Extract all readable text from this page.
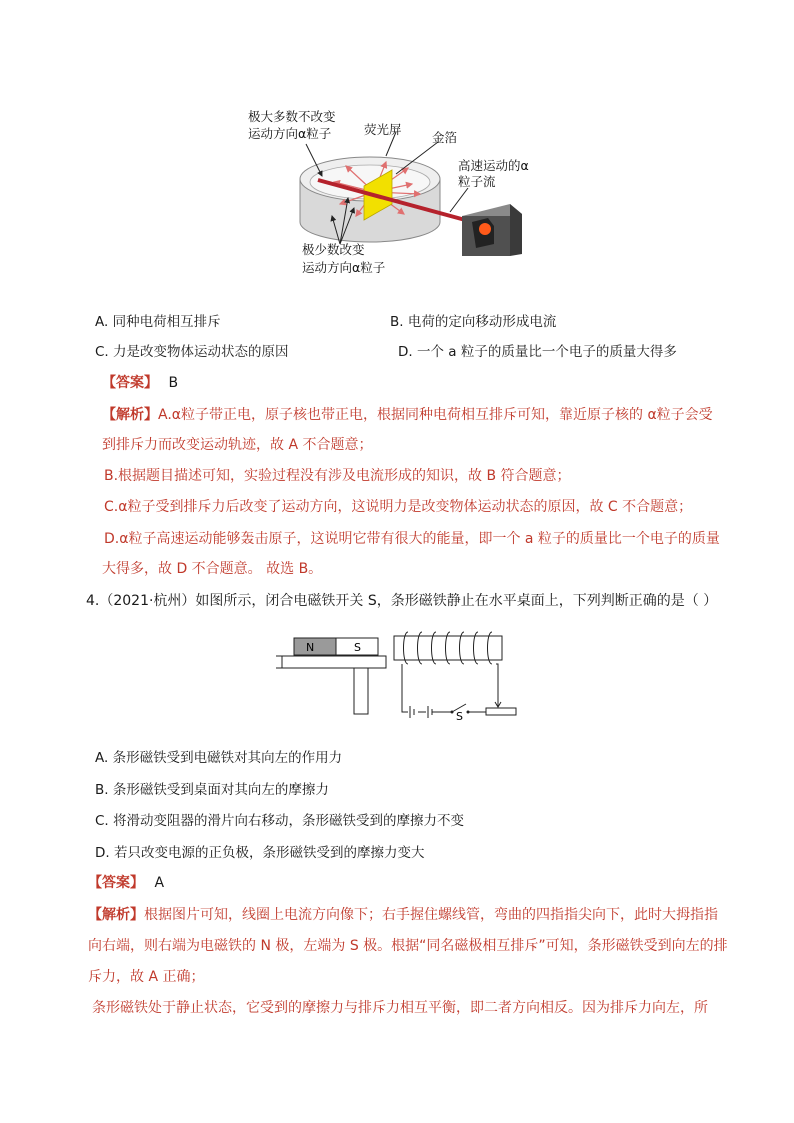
极大多数不改变
运动方向α粒子	荧光屏
金箔
高速运动的α
粒子流
极少数改变
运动方向α粒子
A. 同种电荷相互排斥	B. 电荷的定向移动形成电流
C. 力是改变物体运动状态的原因	D. 一个 a 粒子的质量比一个电子的质量大得多
【答案】 B
【解析】A.α粒子带正电，原子核也带正电，根据同种电荷相互排斥可知，靠近原子核的 α粒子会受
到排斥力而改变运动轨迹，故 A 不合题意；
B.根据题目描述可知，实验过程没有涉及电流形成的知识，故 B 符合题意；
C.α粒子受到排斥力后改变了运动方向，这说明力是改变物体运动状态的原因，故 C 不合题意；
D.α粒子高速运动能够轰击原子，这说明它带有很大的能量，即一个 a 粒子的质量比一个电子的质量
大得多，故 D 不合题意。 故选 B。
4.（2021·杭州）如图所示，闭合电磁铁开关 S，条形磁铁静止在水平桌面上，下列判断正确的是（ ）
N	S
S
A. 条形磁铁受到电磁铁对其向左的作用力
B. 条形磁铁受到桌面对其向左的摩擦力
C. 将滑动变阻器的滑片向右移动，条形磁铁受到的摩擦力不变
D. 若只改变电源的正负极，条形磁铁受到的摩擦力变大
【答案】 A
【解析】根据图片可知，线圈上电流方向像下；右手握住螺线管，弯曲的四指指尖向下，此时大拇指指
向右端，则右端为电磁铁的 N 极，左端为 S 极。根据“同名磁极相互排斥”可知，条形磁铁受到向左的排
斥力，故 A 正确；
条形磁铁处于静止状态，它受到的摩擦力与排斥力相互平衡，即二者方向相反。因为排斥力向左，所
